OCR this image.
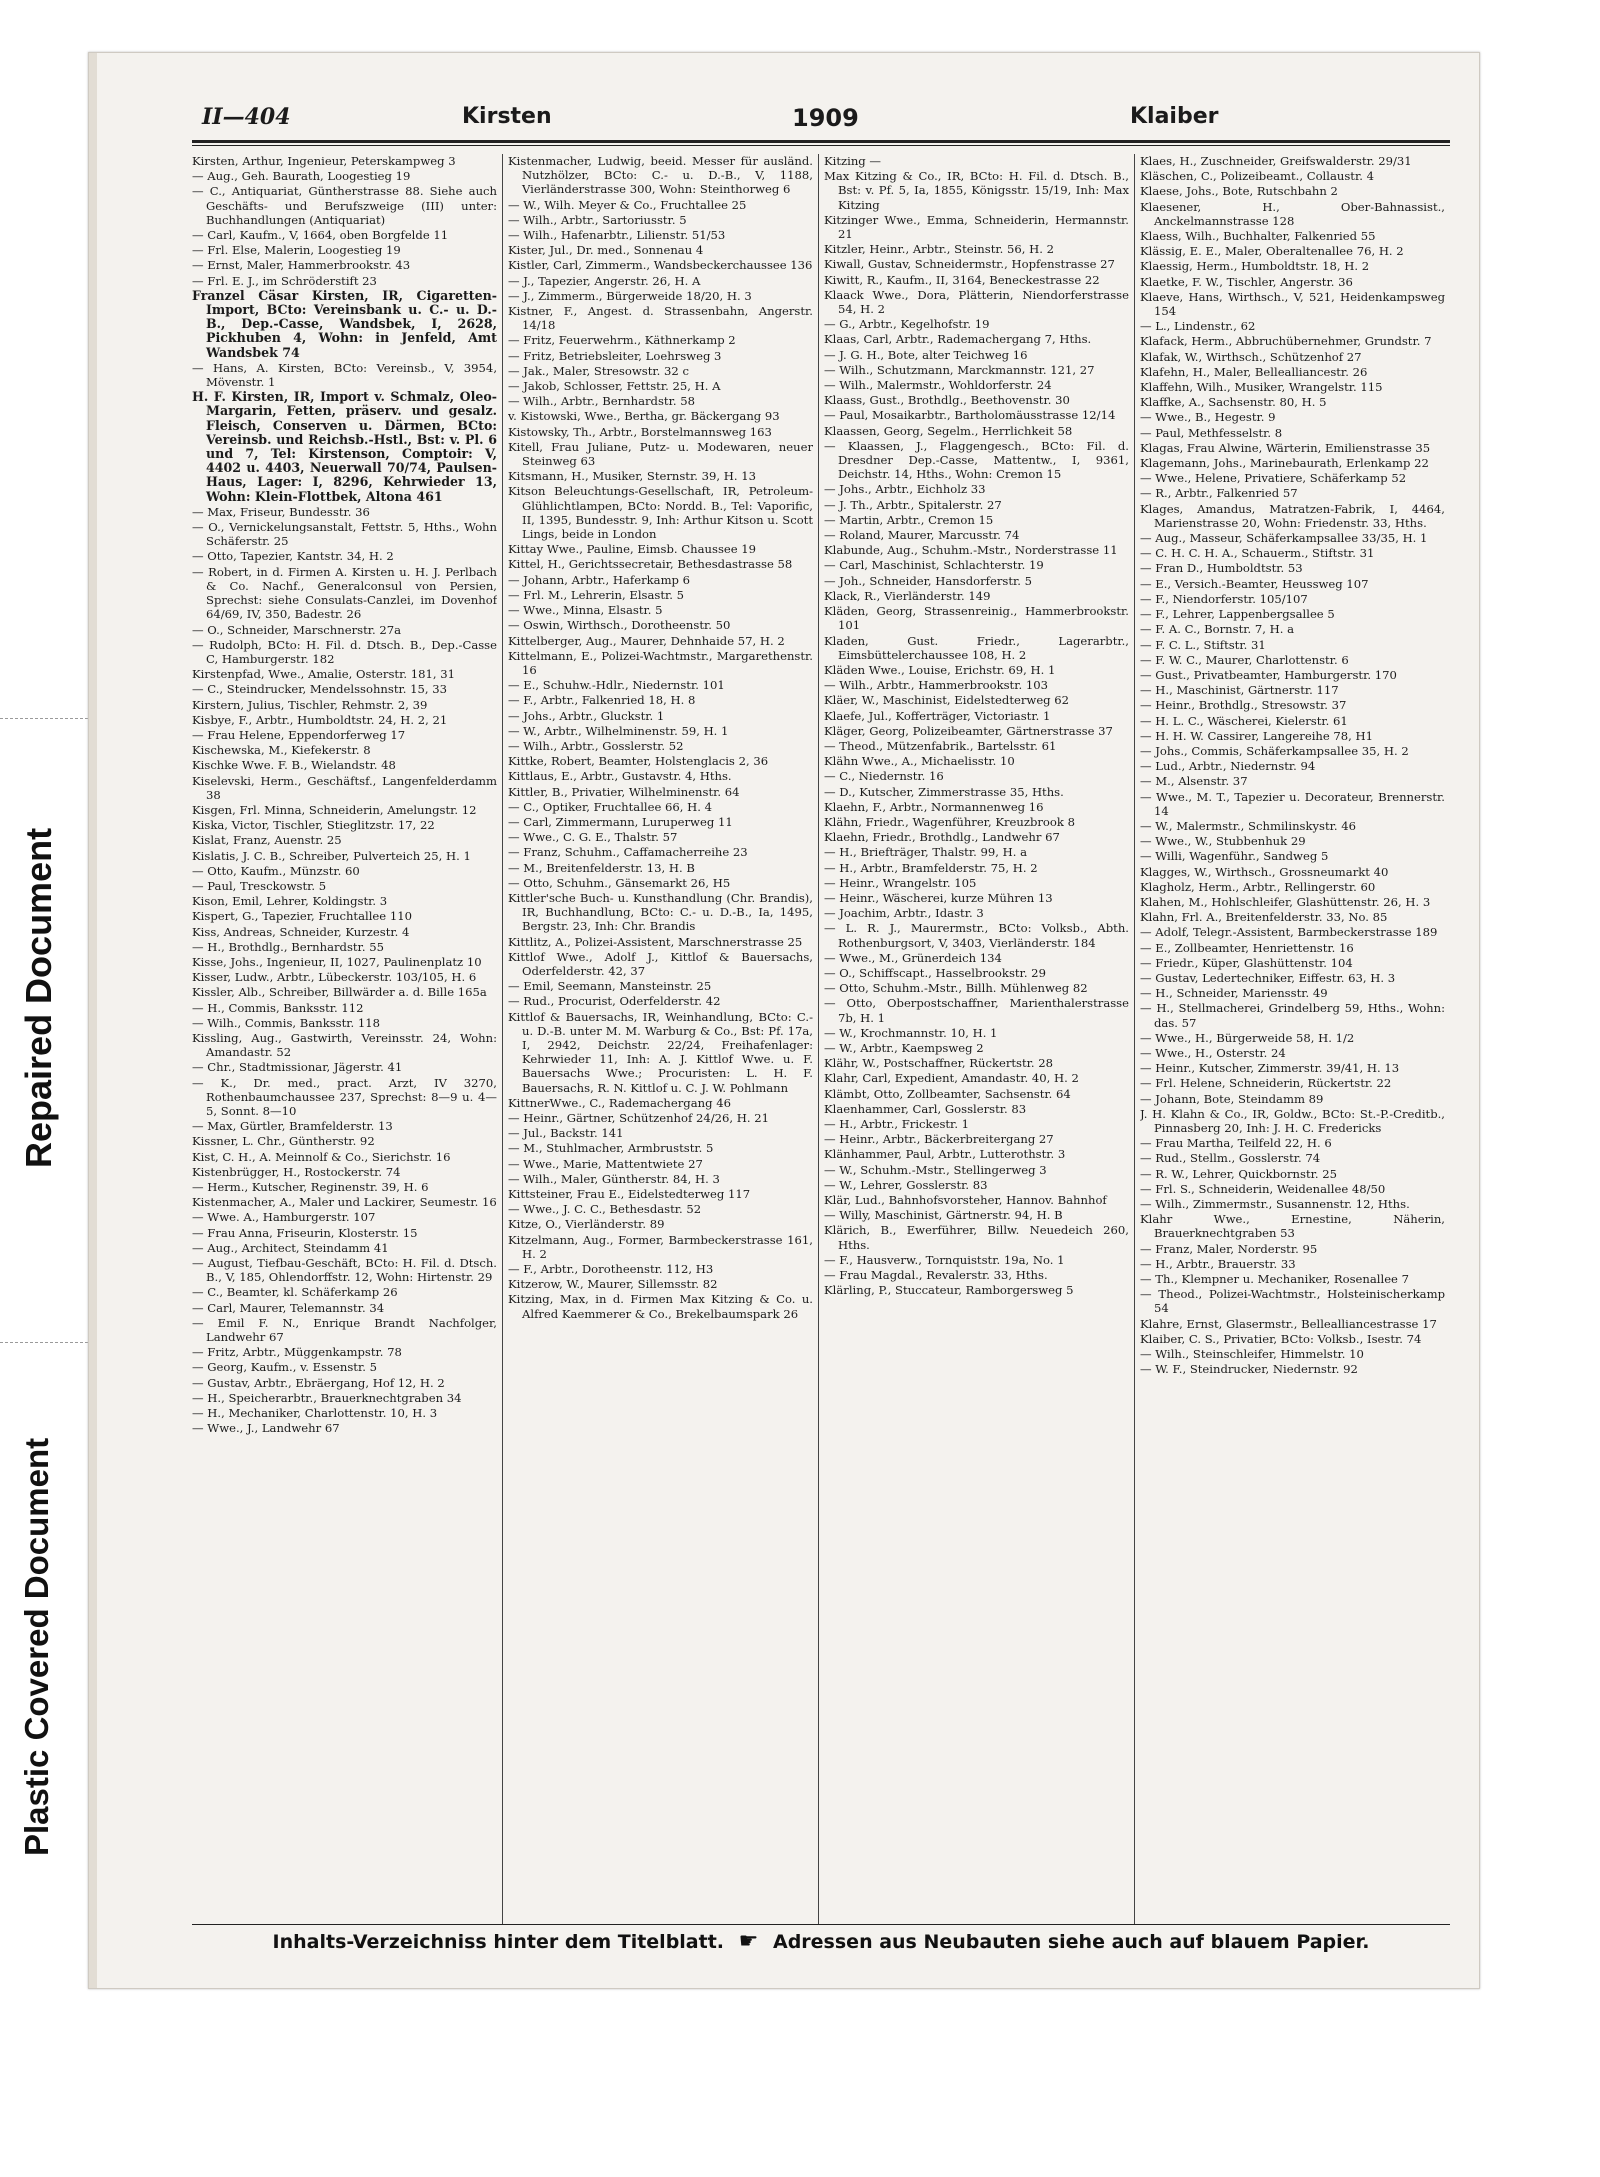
Plastic Covered Document
Repaired Document
II—404	Kirsten	1909	Klaiber

Kirsten, Arthur, Ingenieur, Peterskampweg 3

— Aug., Geh. Baurath, Loogestieg 19

— C., Antiquariat, Güntherstrasse 88. Siehe auch Geschäfts- und Berufszweige (III) unter: Buchhandlungen (Antiquariat)

— Carl, Kaufm., V, 1664, oben Borgfelde 11

— Frl. Else, Malerin, Loogestieg 19

— Ernst, Maler, Hammerbrookstr. 43

— Frl. E. J., im Schröderstift 23

Franzel Cäsar Kirsten, IR, Cigaretten-Import, BCto: Vereinsbank u. C.- u. D.-B., Dep.-Casse, Wandsbek, I, 2628, Pickhuben 4, Wohn: in Jenfeld, Amt Wandsbek 74

— Hans, A. Kirsten, BCto: Vereinsb., V, 3954, Mövenstr. 1

H. F. Kirsten, IR, Import v. Schmalz, Oleo-Margarin, Fetten, präserv. und gesalz. Fleisch, Conserven u. Därmen, BCto: Vereinsb. und Reichsb.-Hstl., Bst: v. Pl. 6 und 7, Tel: Kirstenson, Comptoir: V, 4402 u. 4403, Neuerwall 70/74, Paulsen-Haus, Lager: I, 8296, Kehrwieder 13, Wohn: Klein-Flottbek, Altona 461

— Max, Friseur, Bundesstr. 36

— O., Vernickelungsanstalt, Fettstr. 5, Hths., Wohn Schäferstr. 25

— Otto, Tapezier, Kantstr. 34, H. 2

— Robert, in d. Firmen A. Kirsten u. H. J. Perlbach & Co. Nachf., Generalconsul von Persien, Sprechst: siehe Consulats-Canzlei, im Dovenhof 64/69, IV, 350, Badestr. 26

— O., Schneider, Marschnerstr. 27a

— Rudolph, BCto: H. Fil. d. Dtsch. B., Dep.-Casse C, Hamburgerstr. 182

Kirstenpfad, Wwe., Amalie, Osterstr. 181, 31

— C., Steindrucker, Mendelssohnstr. 15, 33

Kirstern, Julius, Tischler, Rehmstr. 2, 39

Kisbye, F., Arbtr., Humboldtstr. 24, H. 2, 21

— Frau Helene, Eppendorferweg 17

Kischewska, M., Kiefekerstr. 8

Kischke Wwe. F. B., Wielandstr. 48

Kiselevski, Herm., Geschäftsf., Langenfelderdamm 38

Kisgen, Frl. Minna, Schneiderin, Amelungstr. 12

Kiska, Victor, Tischler, Stieglitzstr. 17, 22

Kislat, Franz, Auenstr. 25

Kislatis, J. C. B., Schreiber, Pulverteich 25, H. 1

— Otto, Kaufm., Münzstr. 60

— Paul, Tresckowstr. 5

Kison, Emil, Lehrer, Koldingstr. 3

Kispert, G., Tapezier, Fruchtallee 110

Kiss, Andreas, Schneider, Kurzestr. 4

— H., Brothdlg., Bernhardstr. 55

Kisse, Johs., Ingenieur, II, 1027, Paulinenplatz 10

Kisser, Ludw., Arbtr., Lübeckerstr. 103/105, H. 6

Kissler, Alb., Schreiber, Billwärder a. d. Bille 165a

— H., Commis, Banksstr. 112

— Wilh., Commis, Banksstr. 118

Kissling, Aug., Gastwirth, Vereinsstr. 24, Wohn: Amandastr. 52

— Chr., Stadtmissionar, Jägerstr. 41

— K., Dr. med., pract. Arzt, IV 3270, Rothenbaumchaussee 237, Sprechst: 8—9 u. 4—5, Sonnt. 8—10

— Max, Gürtler, Bramfelderstr. 13

Kissner, L. Chr., Güntherstr. 92

Kist, C. H., A. Meinnolf & Co., Sierichstr. 16

Kistenbrügger, H., Rostockerstr. 74

— Herm., Kutscher, Reginenstr. 39, H. 6

Kistenmacher, A., Maler und Lackirer, Seumestr. 16

— Wwe. A., Hamburgerstr. 107

— Frau Anna, Friseurin, Klosterstr. 15

— Aug., Architect, Steindamm 41

— August, Tiefbau-Geschäft, BCto: H. Fil. d. Dtsch. B., V, 185, Ohlendorffstr. 12, Wohn: Hirtenstr. 29

— C., Beamter, kl. Schäferkamp 26

— Carl, Maurer, Telemannstr. 34

— Emil F. N., Enrique Brandt Nachfolger, Landwehr 67

— Fritz, Arbtr., Müggenkampstr. 78

— Georg, Kaufm., v. Essenstr. 5

— Gustav, Arbtr., Ebräergang, Hof 12, H. 2

— H., Speicherarbtr., Brauerknechtgraben 34

— H., Mechaniker, Charlottenstr. 10, H. 3

— Wwe., J., Landwehr 67

Kistenmacher, Ludwig, beeid. Messer für ausländ. Nutzhölzer, BCto: C.- u. D.-B., V, 1188, Vierländerstrasse 300, Wohn: Steinthorweg 6

— W., Wilh. Meyer & Co., Fruchtallee 25

— Wilh., Arbtr., Sartoriusstr. 5

— Wilh., Hafenarbtr., Lilienstr. 51/53

Kister, Jul., Dr. med., Sonnenau 4

Kistler, Carl, Zimmerm., Wandsbeckerchaussee 136

— J., Tapezier, Angerstr. 26, H. A

— J., Zimmerm., Bürgerweide 18/20, H. 3

Kistner, F., Angest. d. Strassenbahn, Angerstr. 14/18

— Fritz, Feuerwehrm., Käthnerkamp 2

— Fritz, Betriebsleiter, Loehrsweg 3

— Jak., Maler, Stresowstr. 32 c

— Jakob, Schlosser, Fettstr. 25, H. A

— Wilh., Arbtr., Bernhardstr. 58

v. Kistowski, Wwe., Bertha, gr. Bäckergang 93

Kistowsky, Th., Arbtr., Borstelmannsweg 163

Kitell, Frau Juliane, Putz- u. Modewaren, neuer Steinweg 63

Kitsmann, H., Musiker, Sternstr. 39, H. 13

Kitson Beleuchtungs-Gesellschaft, IR, Petroleum-Glühlichtlampen, BCto: Nordd. B., Tel: Vaporific, II, 1395, Bundesstr. 9, Inh: Arthur Kitson u. Scott Lings, beide in London

Kittay Wwe., Pauline, Eimsb. Chaussee 19

Kittel, H., Gerichtssecretair, Bethesdastrasse 58

— Johann, Arbtr., Haferkamp 6

— Frl. M., Lehrerin, Elsastr. 5

— Wwe., Minna, Elsastr. 5

— Oswin, Wirthsch., Dorotheenstr. 50

Kittelberger, Aug., Maurer, Dehnhaide 57, H. 2

Kittelmann, E., Polizei-Wachtmstr., Margarethenstr. 16

— E., Schuhw.-Hdlr., Niedernstr. 101

— F., Arbtr., Falkenried 18, H. 8

— Johs., Arbtr., Gluckstr. 1

— W., Arbtr., Wilhelminenstr. 59, H. 1

— Wilh., Arbtr., Gosslerstr. 52

Kittke, Robert, Beamter, Holstenglacis 2, 36

Kittlaus, E., Arbtr., Gustavstr. 4, Hths.

Kittler, B., Privatier, Wilhelminenstr. 64

— C., Optiker, Fruchtallee 66, H. 4

— Carl, Zimmermann, Luruperweg 11

— Wwe., C. G. E., Thalstr. 57

— Franz, Schuhm., Caffamacherreihe 23

— M., Breitenfelderstr. 13, H. B

— Otto, Schuhm., Gänsemarkt 26, H5

Kittler'sche Buch- u. Kunsthandlung (Chr. Brandis), IR, Buchhandlung, BCto: C.- u. D.-B., Ia, 1495, Bergstr. 23, Inh: Chr. Brandis

Kittlitz, A., Polizei-Assistent, Marschnerstrasse 25

Kittlof Wwe., Adolf J., Kittlof & Bauersachs, Oderfelderstr. 42, 37

— Emil, Seemann, Mansteinstr. 25

— Rud., Procurist, Oderfelderstr. 42

Kittlof & Bauersachs, IR, Weinhandlung, BCto: C.- u. D.-B. unter M. M. Warburg & Co., Bst: Pf. 17a, I, 2942, Deichstr. 22/24, Freihafenlager: Kehrwieder 11, Inh: A. J. Kittlof Wwe. u. F. Bauersachs Wwe.; Procuristen: L. H. F. Bauersachs, R. N. Kittlof u. C. J. W. Pohlmann

KittnerWwe., C., Rademachergang 46

— Heinr., Gärtner, Schützenhof 24/26, H. 21

— Jul., Backstr. 141

— M., Stuhlmacher, Armbruststr. 5

— Wwe., Marie, Mattentwiete 27

— Wilh., Maler, Güntherstr. 84, H. 3

Kittsteiner, Frau E., Eidelstedterweg 117

— Wwe., J. C. C., Bethesdastr. 52

Kitze, O., Vierländerstr. 89

Kitzelmann, Aug., Former, Barmbeckerstrasse 161, H. 2

— F., Arbtr., Dorotheenstr. 112, H3

Kitzerow, W., Maurer, Sillemsstr. 82

Kitzing, Max, in d. Firmen Max Kitzing & Co. u. Alfred Kaemmerer & Co., Brekelbaumspark 26

Kitzing —

Max Kitzing & Co., IR, BCto: H. Fil. d. Dtsch. B., Bst: v. Pf. 5, Ia, 1855, Königsstr. 15/19, Inh: Max Kitzing

Kitzinger Wwe., Emma, Schneiderin, Hermannstr. 21

Kitzler, Heinr., Arbtr., Steinstr. 56, H. 2

Kiwall, Gustav, Schneidermstr., Hopfenstrasse 27

Kiwitt, R., Kaufm., II, 3164, Beneckestrasse 22

Klaack Wwe., Dora, Plätterin, Niendorferstrasse 54, H. 2

— G., Arbtr., Kegelhofstr. 19

Klaas, Carl, Arbtr., Rademachergang 7, Hths.

— J. G. H., Bote, alter Teichweg 16

— Wilh., Schutzmann, Marckmannstr. 121, 27

— Wilh., Malermstr., Wohldorferstr. 24

Klaass, Gust., Brothdlg., Beethovenstr. 30

— Paul, Mosaikarbtr., Bartholomäusstrasse 12/14

Klaassen, Georg, Segelm., Herrlichkeit 58

— Klaassen, J., Flaggengesch., BCto: Fil. d. Dresdner Dep.-Casse, Mattentw., I, 9361, Deichstr. 14, Hths., Wohn: Cremon 15

— Johs., Arbtr., Eichholz 33

— J. Th., Arbtr., Spitalerstr. 27

— Martin, Arbtr., Cremon 15

— Roland, Maurer, Marcusstr. 74

Klabunde, Aug., Schuhm.-Mstr., Norderstrasse 11

— Carl, Maschinist, Schlachterstr. 19

— Joh., Schneider, Hansdorferstr. 5

Klack, R., Vierländerstr. 149

Kläden, Georg, Strassenreinig., Hammerbrookstr. 101

Kladen, Gust. Friedr., Lagerarbtr., Eimsbüttelerchaussee 108, H. 2

Kläden Wwe., Louise, Erichstr. 69, H. 1

— Wilh., Arbtr., Hammerbrookstr. 103

Kläer, W., Maschinist, Eidelstedterweg 62

Klaefe, Jul., Kofferträger, Victoriastr. 1

Kläger, Georg, Polizeibeamter, Gärtnerstrasse 37

— Theod., Mützenfabrik., Bartelsstr. 61

Klähn Wwe., A., Michaelisstr. 10

— C., Niedernstr. 16

— D., Kutscher, Zimmerstrasse 35, Hths.

Klaehn, F., Arbtr., Normannenweg 16

Klähn, Friedr., Wagenführer, Kreuzbrook 8

Klaehn, Friedr., Brothdlg., Landwehr 67

— H., Briefträger, Thalstr. 99, H. a

— H., Arbtr., Bramfelderstr. 75, H. 2

— Heinr., Wrangelstr. 105

— Heinr., Wäscherei, kurze Mühren 13

— Joachim, Arbtr., Idastr. 3

— L. R. J., Maurermstr., BCto: Volksb., Abth. Rothenburgsort, V, 3403, Vierländerstr. 184

— Wwe., M., Grünerdeich 134

— O., Schiffscapt., Hasselbrookstr. 29

— Otto, Schuhm.-Mstr., Billh. Mühlenweg 82

— Otto, Oberpostschaffner, Marienthalerstrasse 7b, H. 1

— W., Krochmannstr. 10, H. 1

— W., Arbtr., Kaempsweg 2

Klähr, W., Postschaffner, Rückertstr. 28

Klahr, Carl, Expedient, Amandastr. 40, H. 2

Klämbt, Otto, Zollbeamter, Sachsenstr. 64

Klaenhammer, Carl, Gosslerstr. 83

— H., Arbtr., Frickestr. 1

— Heinr., Arbtr., Bäckerbreitergang 27

Klänhammer, Paul, Arbtr., Lutterothstr. 3

— W., Schuhm.-Mstr., Stellingerweg 3

— W., Lehrer, Gosslerstr. 83

Klär, Lud., Bahnhofsvorsteher, Hannov. Bahnhof

— Willy, Maschinist, Gärtnerstr. 94, H. B

Klärich, B., Ewerführer, Billw. Neuedeich 260, Hths.

— F., Hausverw., Tornquiststr. 19a, No. 1

— Frau Magdal., Revalerstr. 33, Hths.

Klärling, P., Stuccateur, Ramborgersweg 5

Klaes, H., Zuschneider, Greifswalderstr. 29/31

Kläschen, C., Polizeibeamt., Collaustr. 4

Klaese, Johs., Bote, Rutschbahn 2

Klaesener, H., Ober-Bahnassist., Anckelmannstrasse 128

Klaess, Wilh., Buchhalter, Falkenried 55

Klässig, E. E., Maler, Oberaltenallee 76, H. 2

Klaessig, Herm., Humboldtstr. 18, H. 2

Klaetke, F. W., Tischler, Angerstr. 36

Klaeve, Hans, Wirthsch., V, 521, Heidenkampsweg 154

— L., Lindenstr., 62

Klafack, Herm., Abbruchübernehmer, Grundstr. 7

Klafak, W., Wirthsch., Schützenhof 27

Klafehn, H., Maler, Bellealliancestr. 26

Klaffehn, Wilh., Musiker, Wrangelstr. 115

Klaffke, A., Sachsenstr. 80, H. 5

— Wwe., B., Hegestr. 9

— Paul, Methfesselstr. 8

Klagas, Frau Alwine, Wärterin, Emilienstrasse 35

Klagemann, Johs., Marinebaurath, Erlenkamp 22

— Wwe., Helene, Privatiere, Schäferkamp 52

— R., Arbtr., Falkenried 57

Klages, Amandus, Matratzen-Fabrik, I, 4464, Marienstrasse 20, Wohn: Friedenstr. 33, Hths.

— Aug., Masseur, Schäferkampsallee 33/35, H. 1

— C. H. C. H. A., Schauerm., Stiftstr. 31

— Fran D., Humboldtstr. 53

— E., Versich.-Beamter, Heussweg 107

— F., Niendorferstr. 105/107

— F., Lehrer, Lappenbergsallee 5

— F. A. C., Bornstr. 7, H. a

— F. C. L., Stiftstr. 31

— F. W. C., Maurer, Charlottenstr. 6

— Gust., Privatbeamter, Hamburgerstr. 170

— H., Maschinist, Gärtnerstr. 117

— Heinr., Brothdlg., Stresowstr. 37

— H. L. C., Wäscherei, Kielerstr. 61

— H. H. W. Cassirer, Langereihe 78, H1

— Johs., Commis, Schäferkampsallee 35, H. 2

— Lud., Arbtr., Niedernstr. 94

— M., Alsenstr. 37

— Wwe., M. T., Tapezier u. Decorateur, Brennerstr. 14

— W., Malermstr., Schmilinskystr. 46

— Wwe., W., Stubbenhuk 29

— Willi, Wagenführ., Sandweg 5

Klagges, W., Wirthsch., Grossneumarkt 40

Klagholz, Herm., Arbtr., Rellingerstr. 60

Klahen, M., Hohlschleifer, Glashüttenstr. 26, H. 3

Klahn, Frl. A., Breitenfelderstr. 33, No. 85

— Adolf, Telegr.-Assistent, Barmbeckerstrasse 189

— E., Zollbeamter, Henriettenstr. 16

— Friedr., Küper, Glashüttenstr. 104

— Gustav, Ledertechniker, Eiffestr. 63, H. 3

— H., Schneider, Mariensstr. 49

— H., Stellmacherei, Grindelberg 59, Hths., Wohn: das. 57

— Wwe., H., Bürgerweide 58, H. 1/2

— Wwe., H., Osterstr. 24

— Heinr., Kutscher, Zimmerstr. 39/41, H. 13

— Frl. Helene, Schneiderin, Rückertstr. 22

— Johann, Bote, Steindamm 89

J. H. Klahn & Co., IR, Goldw., BCto: St.-P.-Creditb., Pinnasberg 20, Inh: J. H. C. Fredericks

— Frau Martha, Teilfeld 22, H. 6

— Rud., Stellm., Gosslerstr. 74

— R. W., Lehrer, Quickbornstr. 25

— Frl. S., Schneiderin, Weidenallee 48/50

— Wilh., Zimmermstr., Susannenstr. 12, Hths.

Klahr Wwe., Ernestine, Näherin, Brauerknechtgraben 53

— Franz, Maler, Norderstr. 95

— H., Arbtr., Brauerstr. 33

— Th., Klempner u. Mechaniker, Rosenallee 7

— Theod., Polizei-Wachtmstr., Holsteinischerkamp 54

Klahre, Ernst, Glasermstr., Bellealliancestrasse 17

Klaiber, C. S., Privatier, BCto: Volksb., Isestr. 74

— Wilh., Steinschleifer, Himmelstr. 10

— W. F., Steindrucker, Niedernstr. 92

Inhalts-Verzeichniss hinter dem Titelblatt. ☛ Adressen aus Neubauten siehe auch auf blauem Papier.
